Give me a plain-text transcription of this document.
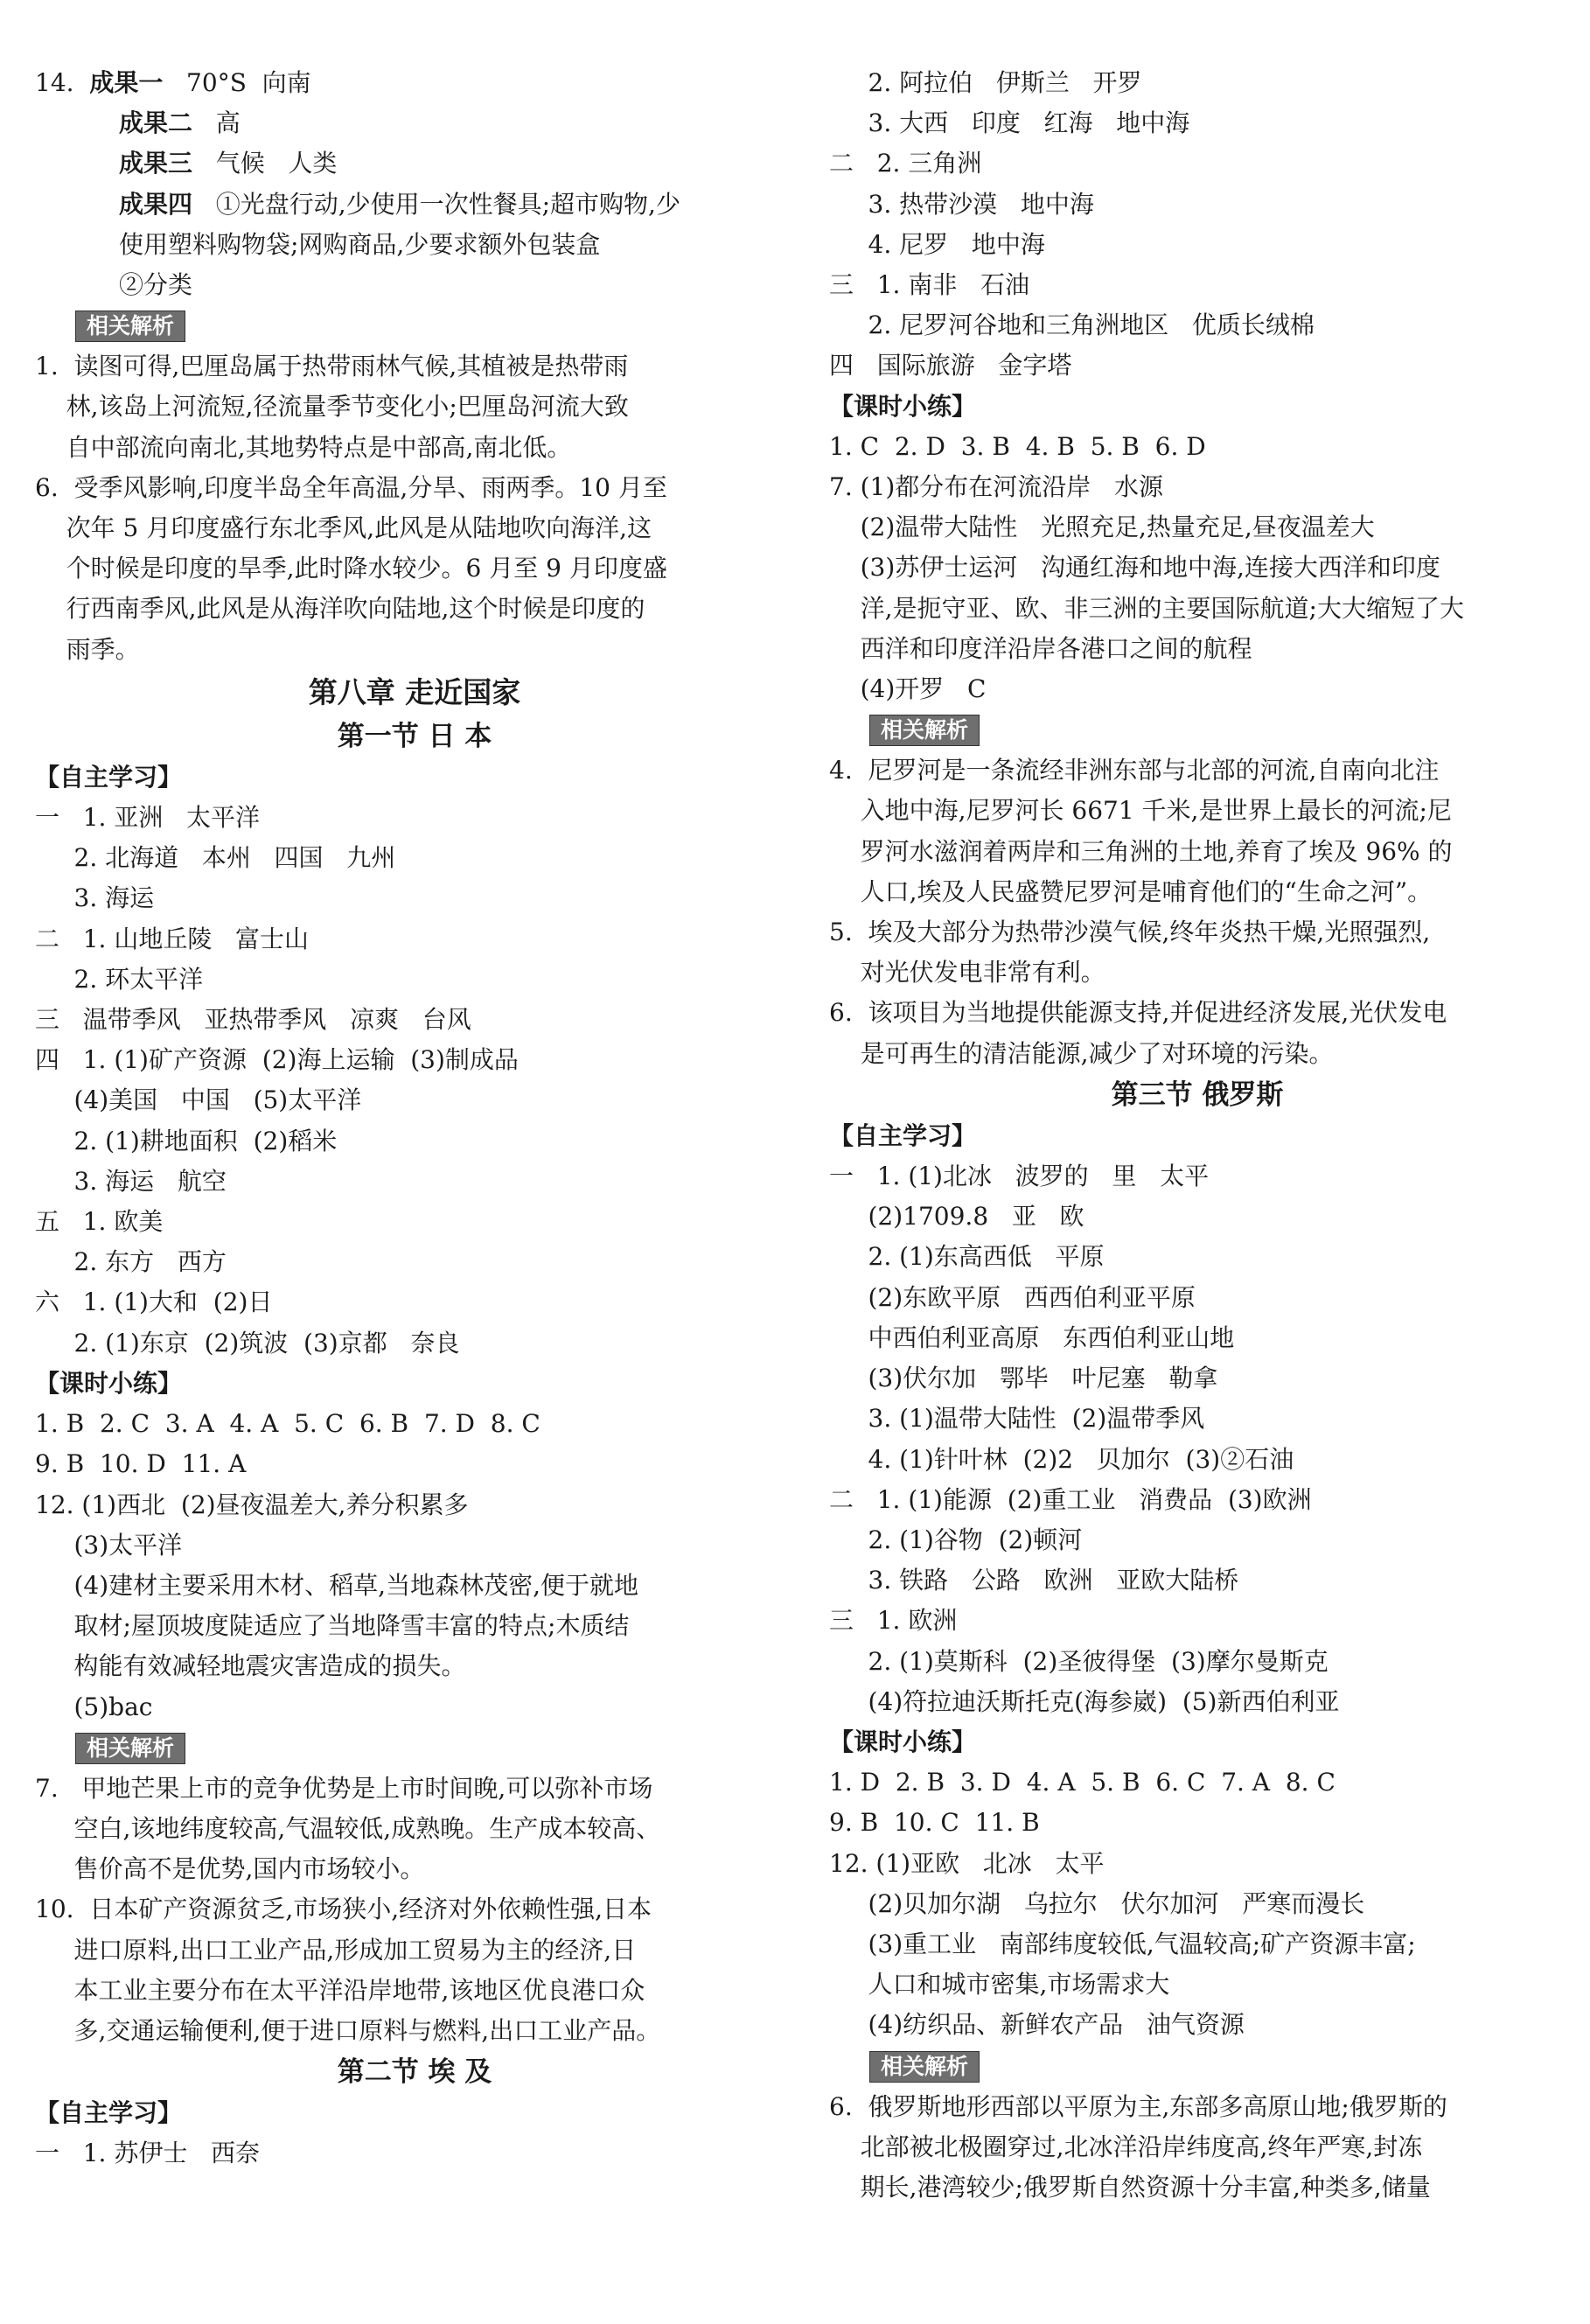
14.  成果一   70°S  向南
成果二   高
成果三   气候   人类
成果四   ①光盘行动,少使用一次性餐具;超市购物,少
使用塑料购物袋;网购商品,少要求额外包装盒
②分类
相关解析
1.  读图可得,巴厘岛属于热带雨林气候,其植被是热带雨
林,该岛上河流短,径流量季节变化小;巴厘岛河流大致
自中部流向南北,其地势特点是中部高,南北低。
6.  受季风影响,印度半岛全年高温,分旱、雨两季。10 月至
次年 5 月印度盛行东北季风,此风是从陆地吹向海洋,这
个时候是印度的旱季,此时降水较少。6 月至 9 月印度盛
行西南季风,此风是从海洋吹向陆地,这个时候是印度的
雨季。
第八章 走近国家
第一节 日 本
【自主学习】
一   1. 亚洲   太平洋
2. 北海道   本州   四国   九州
3. 海运
二   1. 山地丘陵   富士山
2. 环太平洋
三   温带季风   亚热带季风   凉爽   台风
四   1. (1)矿产资源  (2)海上运输  (3)制成品
(4)美国   中国   (5)太平洋
2. (1)耕地面积  (2)稻米
3. 海运   航空
五   1. 欧美
2. 东方   西方
六   1. (1)大和  (2)日
2. (1)东京  (2)筑波  (3)京都   奈良
【课时小练】
1. B  2. C  3. A  4. A  5. C  6. B  7. D  8. C
9. B  10. D  11. A
12. (1)西北  (2)昼夜温差大,养分积累多
(3)太平洋
(4)建材主要采用木材、稻草,当地森林茂密,便于就地
取材;屋顶坡度陡适应了当地降雪丰富的特点;木质结
构能有效减轻地震灾害造成的损失。
(5)bac
相关解析
7.   甲地芒果上市的竞争优势是上市时间晚,可以弥补市场
空白,该地纬度较高,气温较低,成熟晚。生产成本较高、
售价高不是优势,国内市场较小。
10.  日本矿产资源贫乏,市场狭小,经济对外依赖性强,日本
进口原料,出口工业产品,形成加工贸易为主的经济,日
本工业主要分布在太平洋沿岸地带,该地区优良港口众
多,交通运输便利,便于进口原料与燃料,出口工业产品。
第二节 埃 及
【自主学习】
一   1. 苏伊士   西奈
2. 阿拉伯   伊斯兰   开罗
3. 大西   印度   红海   地中海
二   2. 三角洲
3. 热带沙漠   地中海
4. 尼罗   地中海
三   1. 南非   石油
2. 尼罗河谷地和三角洲地区   优质长绒棉
四   国际旅游   金字塔
【课时小练】
1. C  2. D  3. B  4. B  5. B  6. D
7. (1)都分布在河流沿岸   水源
(2)温带大陆性   光照充足,热量充足,昼夜温差大
(3)苏伊士运河   沟通红海和地中海,连接大西洋和印度
洋,是扼守亚、欧、非三洲的主要国际航道;大大缩短了大
西洋和印度洋沿岸各港口之间的航程
(4)开罗   C
相关解析
4.  尼罗河是一条流经非洲东部与北部的河流,自南向北注
入地中海,尼罗河长 6671 千米,是世界上最长的河流;尼
罗河水滋润着两岸和三角洲的土地,养育了埃及 96% 的
人口,埃及人民盛赞尼罗河是哺育他们的“生命之河”。
5.  埃及大部分为热带沙漠气候,终年炎热干燥,光照强烈,
对光伏发电非常有利。
6.  该项目为当地提供能源支持,并促进经济发展,光伏发电
是可再生的清洁能源,减少了对环境的污染。
第三节 俄罗斯
【自主学习】
一   1. (1)北冰   波罗的   里   太平
(2)1709.8   亚   欧
2. (1)东高西低   平原
(2)东欧平原   西西伯利亚平原
中西伯利亚高原   东西伯利亚山地
(3)伏尔加   鄂毕   叶尼塞   勒拿
3. (1)温带大陆性  (2)温带季风
4. (1)针叶林  (2)2   贝加尔  (3)②石油
二   1. (1)能源  (2)重工业   消费品  (3)欧洲
2. (1)谷物  (2)顿河
3. 铁路   公路   欧洲   亚欧大陆桥
三   1. 欧洲
2. (1)莫斯科  (2)圣彼得堡  (3)摩尔曼斯克
(4)符拉迪沃斯托克(海参崴)  (5)新西伯利亚
【课时小练】
1. D  2. B  3. D  4. A  5. B  6. C  7. A  8. C
9. B  10. C  11. B
12. (1)亚欧   北冰   太平
(2)贝加尔湖   乌拉尔   伏尔加河   严寒而漫长
(3)重工业   南部纬度较低,气温较高;矿产资源丰富;
人口和城市密集,市场需求大
(4)纺织品、新鲜农产品   油气资源
相关解析
6.  俄罗斯地形西部以平原为主,东部多高原山地;俄罗斯的
北部被北极圈穿过,北冰洋沿岸纬度高,终年严寒,封冻
期长,港湾较少;俄罗斯自然资源十分丰富,种类多,储量
